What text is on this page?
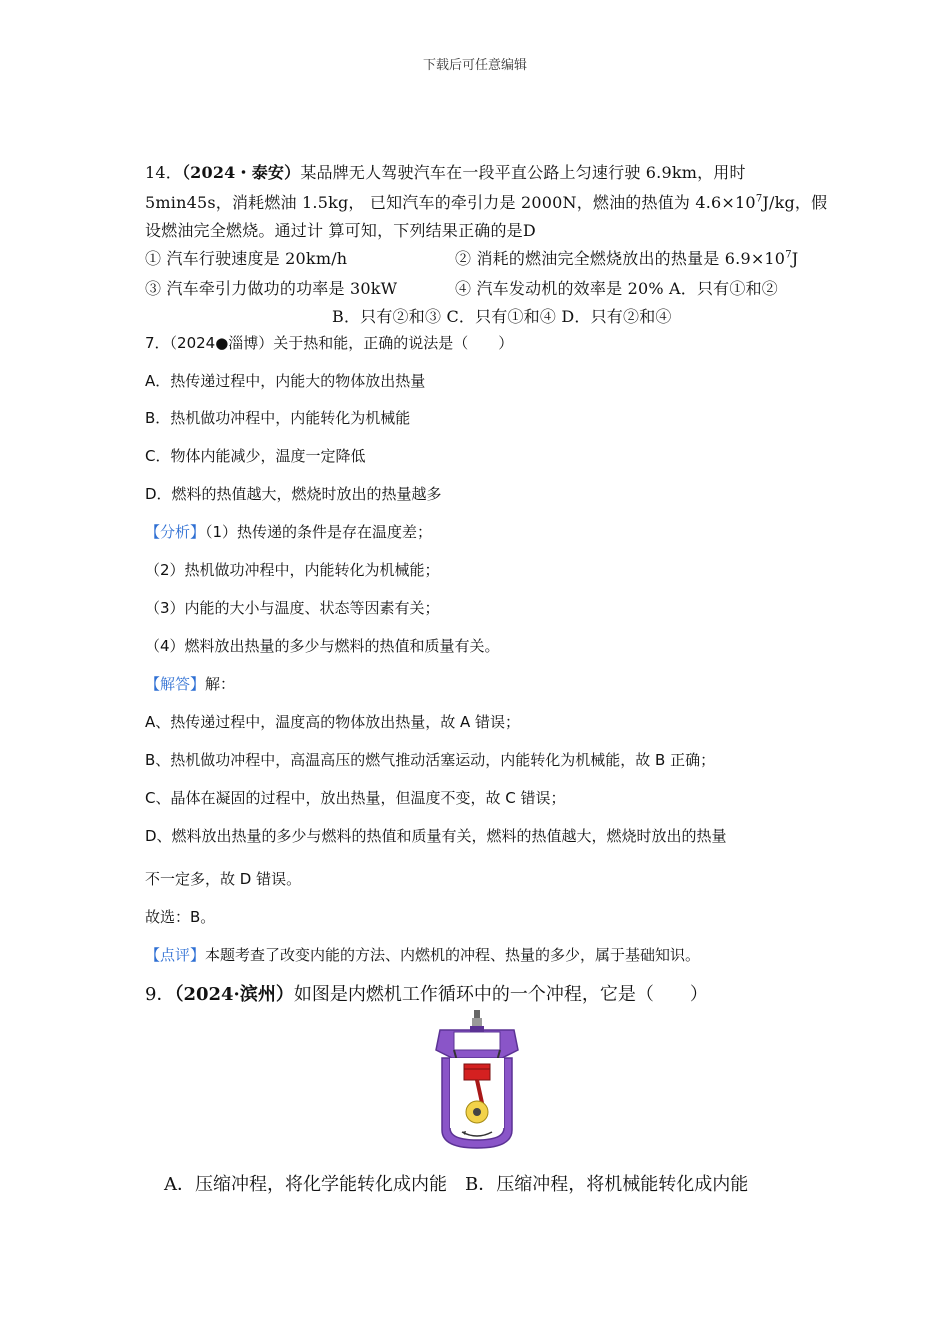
下载后可任意编辑
14．（2024・泰安）某品牌无人驾驶汽车在一段平直公路上匀速行驶 6.9km，用时
5min45s，消耗燃油 1.5kg， 已知汽车的牵引力是 2000N，燃油的热值为 $4.6\times 10^7J/kg$，假
设燃油完全燃烧。通过计 算可知，下列结果正确的是D
① 汽车行驶速度是 20km/h	② 消耗的燃油完全燃烧放出的热量是 $6.9\times 10^7J$
③ 汽车牵引力做功的功率是 30kW	④ 汽车发动机的效率是 20% A．只有①和②
B．只有②和③ C．只有①和④ D．只有②和④
7．（2024●淄博）关于热和能，正确的说法是（　　）
A．热传递过程中，内能大的物体放出热量
B．热机做功冲程中，内能转化为机械能
C．物体内能减少，温度一定降低
D．燃料的热值越大，燃烧时放出的热量越多
【分析】（1）热传递的条件是存在温度差；
（2）热机做功冲程中，内能转化为机械能；
（3）内能的大小与温度、状态等因素有关；
（4）燃料放出热量的多少与燃料的热值和质量有关。
【解答】解：
A、热传递过程中，温度高的物体放出热量，故 A 错误；
B、热机做功冲程中，高温高压的燃气推动活塞运动，内能转化为机械能，故 B 正确；
C、晶体在凝固的过程中，放出热量，但温度不变，故 C 错误；
D、燃料放出热量的多少与燃料的热值和质量有关，燃料的热值越大，燃烧时放出的热量
不一定多，故 D 错误。
故选：B。
【点评】本题考查了改变内能的方法、内燃机的冲程、热量的多少，属于基础知识。
9．（2024·滨州）如图是内燃机工作循环中的一个冲程，它是（　　）
A．压缩冲程，将化学能转化成内能　B．压缩冲程，将机械能转化成内能
